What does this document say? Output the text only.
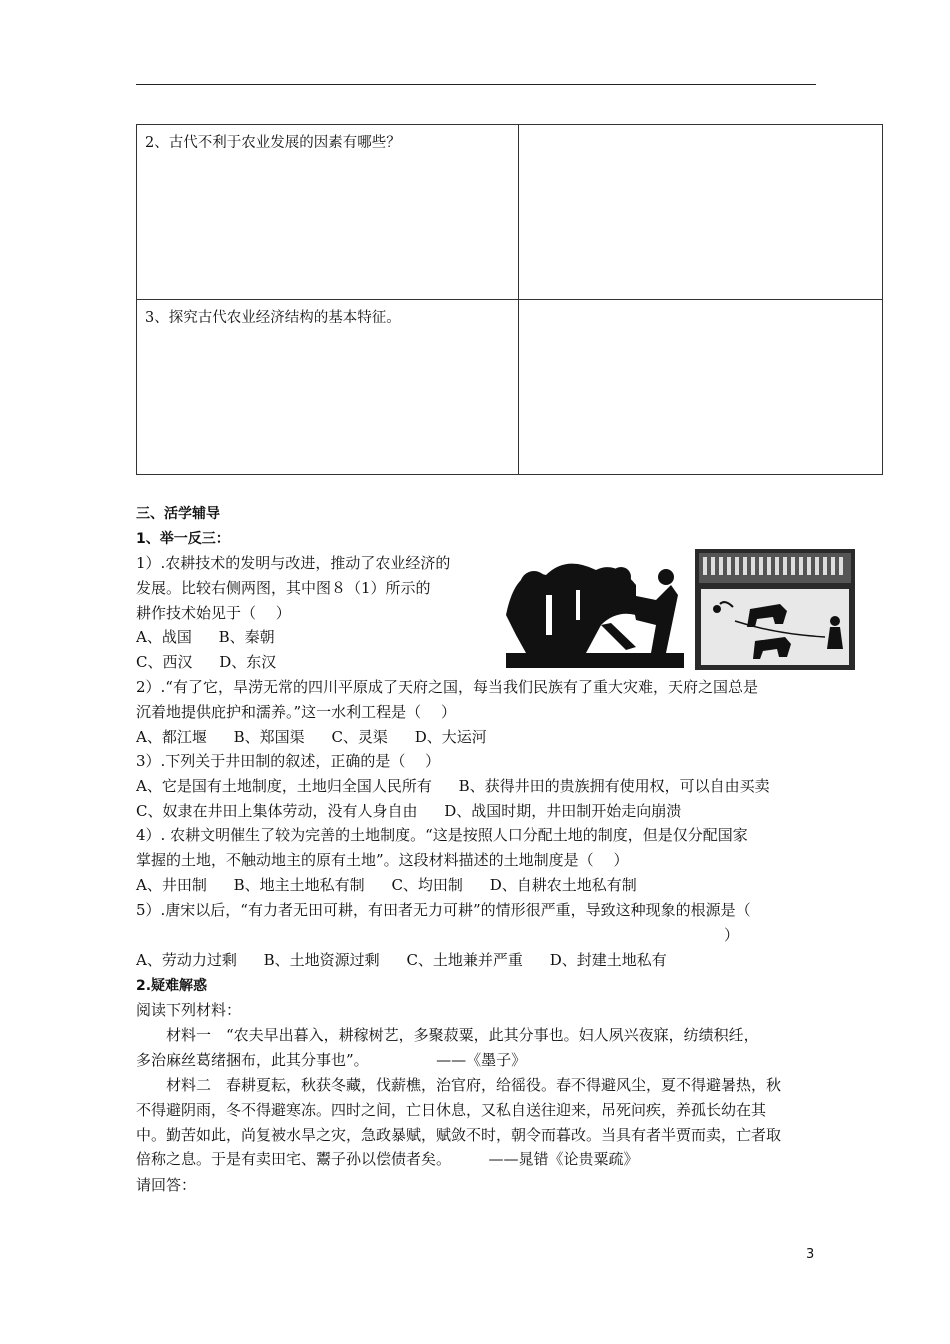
2、古代不利于农业发展的因素有哪些？	
3、探究古代农业经济结构的基本特征。	
三、活学辅导
1、举一反三：
1）.农耕技术的发明与改进，推动了农业经济的
发展。比较右侧两图，其中图８（1）所示的
耕作技术始见于（　 ）
A、战国 B、秦朝
C、西汉 D、东汉
2）.“有了它，旱涝无常的四川平原成了天府之国，每当我们民族有了重大灾难，天府之国总是
沉着地提供庇护和濡养。”这一水利工程是（　 ）
A、都江堰 B、郑国渠 C、灵渠 D、大运河
3）.下列关于井田制的叙述，正确的是（　 ）
A、它是国有土地制度，土地归全国人民所有 B、获得井田的贵族拥有使用权，可以自由买卖
C、奴隶在井田上集体劳动，没有人身自由 D、战国时期，井田制开始走向崩溃
4）. 农耕文明催生了较为完善的土地制度。“这是按照人口分配土地的制度，但是仅分配国家
掌握的土地，不触动地主的原有土地”。这段材料描述的土地制度是（　 ）
A、井田制 B、地主土地私有制 C、均田制 D、自耕农土地私有制
5）.唐宋以后，“有力者无田可耕，有田者无力可耕”的情形很严重，导致这种现象的根源是（
）
A、劳动力过剩 B、土地资源过剩 C、土地兼并严重 D、封建土地私有
2.疑难解惑
阅读下列材料：
材料一　“农夫早出暮入，耕稼树艺，多聚菽粟，此其分事也。妇人夙兴夜寐，纺绩积纴，
多治麻丝葛绪捆布，此其分事也”。　　　　　——《墨子》
材料二　春耕夏耘，秋获冬藏，伐薪樵，治官府，给徭役。春不得避风尘，夏不得避暑热，秋
不得避阴雨，冬不得避寒冻。四时之间，亡日休息，又私自送往迎来，吊死问疾，养孤长幼在其
中。勤苦如此，尚复被水旱之灾，急政暴赋，赋敛不时，朝令而暮改。当具有者半贾而卖，亡者取
倍称之息。于是有卖田宅、鬻子孙以偿债者矣。　　　——晁错《论贵粟疏》
请回答：
3
